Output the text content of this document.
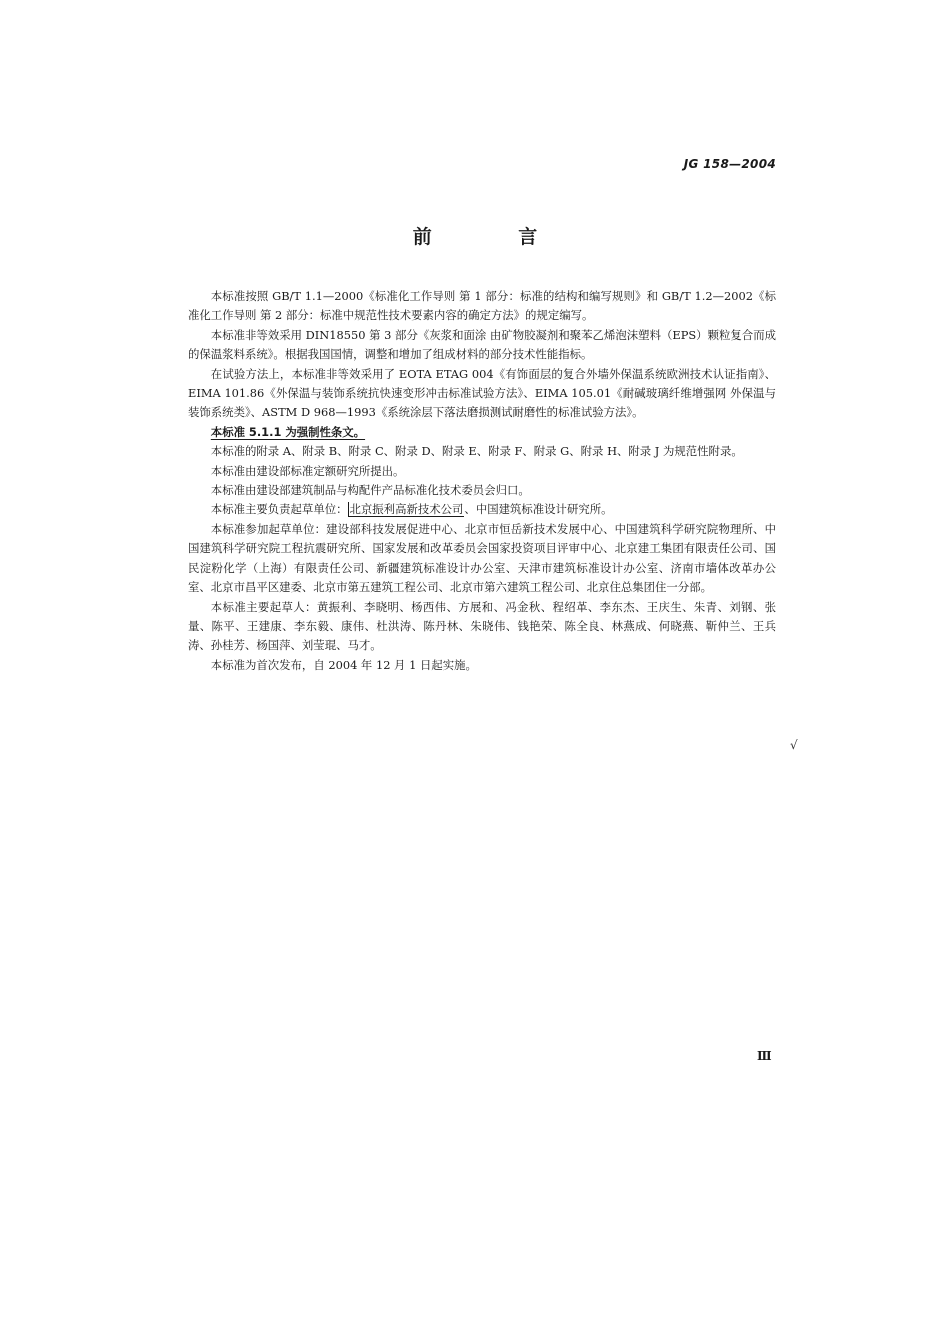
JG 158—2004
前 言

本标准按照 GB/T 1.1—2000《标准化工作导则 第 1 部分：标准的结构和编写规则》和 GB/T 1.2—2002《标准化工作导则 第 2 部分：标准中规范性技术要素内容的确定方法》的规定编写。

本标准非等效采用 DIN18550 第 3 部分《灰浆和面涂 由矿物胶凝剂和聚苯乙烯泡沫塑料（EPS）颗粒复合而成的保温浆料系统》。根据我国国情，调整和增加了组成材料的部分技术性能指标。

在试验方法上，本标准非等效采用了 EOTA ETAG 004《有饰面层的复合外墙外保温系统欧洲技术认证指南》、EIMA 101.86《外保温与装饰系统抗快速变形冲击标准试验方法》、EIMA 105.01《耐碱玻璃纤维增强网 外保温与装饰系统类》、ASTM D 968—1993《系统涂层下落法磨损测试耐磨性的标准试验方法》。

本标准 5.1.1 为强制性条文。

本标准的附录 A、附录 B、附录 C、附录 D、附录 E、附录 F、附录 G、附录 H、附录 J 为规范性附录。

本标准由建设部标准定额研究所提出。

本标准由建设部建筑制品与构配件产品标准化技术委员会归口。

本标准主要负责起草单位： 北京振利高新技术公司、中国建筑标准设计研究所。

本标准参加起草单位：建设部科技发展促进中心、北京市恒岳新技术发展中心、中国建筑科学研究院物理所、中国建筑科学研究院工程抗震研究所、国家发展和改革委员会国家投资项目评审中心、北京建工集团有限责任公司、国民淀粉化学（上海）有限责任公司、新疆建筑标准设计办公室、天津市建筑标准设计办公室、济南市墙体改革办公室、北京市昌平区建委、北京市第五建筑工程公司、北京市第六建筑工程公司、北京住总集团住一分部。

本标准主要起草人：黄振利、李晓明、杨西伟、方展和、冯金秋、程绍革、李东杰、王庆生、朱青、刘钢、张量、陈平、王建康、李东毅、康伟、杜洪涛、陈丹林、朱晓伟、钱艳荣、陈全良、林燕成、何晓燕、靳仲兰、王兵涛、孙桂芳、杨国萍、刘莹琨、马才。

本标准为首次发布，自 2004 年 12 月 1 日起实施。

√
Ⅲ
